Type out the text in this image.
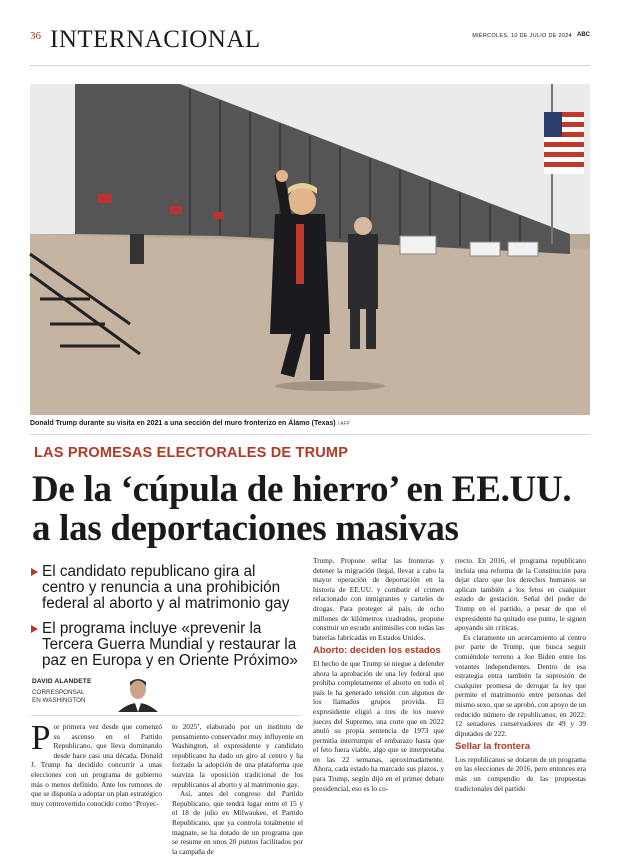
36 INTERNACIONAL	MIÉRCOLES, 10 DE JULIO DE 2024 ABC
Donald Trump durante su visita en 2021 a una sección del muro fronterizo en Álamo (Texas) / AFP
LAS PROMESAS ELECTORALES DE TRUMP
De la ‘cúpula de hierro’ en EE.UU.
a las deportaciones masivas
El candidato republicano gira al centro y renuncia a una prohibición federal al aborto y al matrimonio gay
El programa incluye «prevenir la Tercera Guerra Mundial y restaurar la paz en Europa y en Oriente Próximo»
DAVID ALANDETE
CORRESPONSAL
EN WASHINGTON
P or primera vez desde que comenzó su ascenso en el Partido Republicano, que lleva dominando desde hace casi una década, Donald J. Trump ha decidido concurrir a unas elecciones con un programa de gobierno más o menos definido. Ante los rumores de que se disponía a adoptar un plan estratégico muy controvertido conocido como ‘Proyec-

to 2025’, elaborado por un instituto de pensamiento conservador muy influyente en Washington, el expresidente y candidato republicano ha dado un giro al centro y ha forzado la adopción de una plataforma que suaviza la oposición tradicional de los republicanos al aborto y al matrimonio gay.

Así, antes del congreso del Partido Republicano, que tendrá lugar entre el 15 y el 18 de julio en Milwaukee, el Partido Republicano, que ya controla totalmente el magnate, se ha dotado de un programa que se resume en unos 20 puntos facilitados por la campaña de

Trump. Propone sellar las fronteras y detener la migración ilegal, llevar a cabo la mayor operación de deportación en la historia de EE.UU. y combatir el crimen relacionado con inmigrantes y carteles de drogas. Para proteger al país, de ocho millones de kilómetros cuadrados, propone construir un escudo antimisiles con todas las baterías fabricadas en Estados Unidos.

Aborto: deciden los estados

El hecho de que Trump se niegue a defender ahora la aprobación de una ley federal que prohíba completamente el aborto en todo el país le ha generado tensión con algunos de los llamados grupos provida. El expresidente eligió a tres de los nueve jueces del Supremo, una corte que en 2022 anuló su propia sentencia de 1973 que permitía interrumpir el embarazo hasta que el feto fuera viable, algo que se interpretaba en las 22 semanas, aproximadamente. Ahora, cada estado ha marcado sus plazos, y para Trump, según dijo en el primer debate presidencial, eso es lo co-

rrecto. En 2016, el programa republicano incluía una reforma de la Constitución para dejar claro que los derechos humanos se aplican también a los fetos en cualquier estado de gestación. Señal del poder de Trump en el partido, a pesar de que el expresidente ha quitado ese punto, le siguen apoyando sin críticas.

Es claramente un acercamiento al centro por parte de Trump, que busca seguir comiéndole terreno a Joe Biden entre los votantes independientes. Dentro de esa estrategia entra también la supresión de cualquier promesa de derogar la ley que permite el matrimonio entre personas del mismo sexo, que se aprobó, con apoyo de un reducido número de republicanos, en 2022: 12 senadores conservadores de 49 y 39 diputados de 222.

Sellar la frontera

Los republicanos se dotaron de un programa en las elecciones de 2016, pero entonces era más un compendio de las propuestas tradicionales del partido
